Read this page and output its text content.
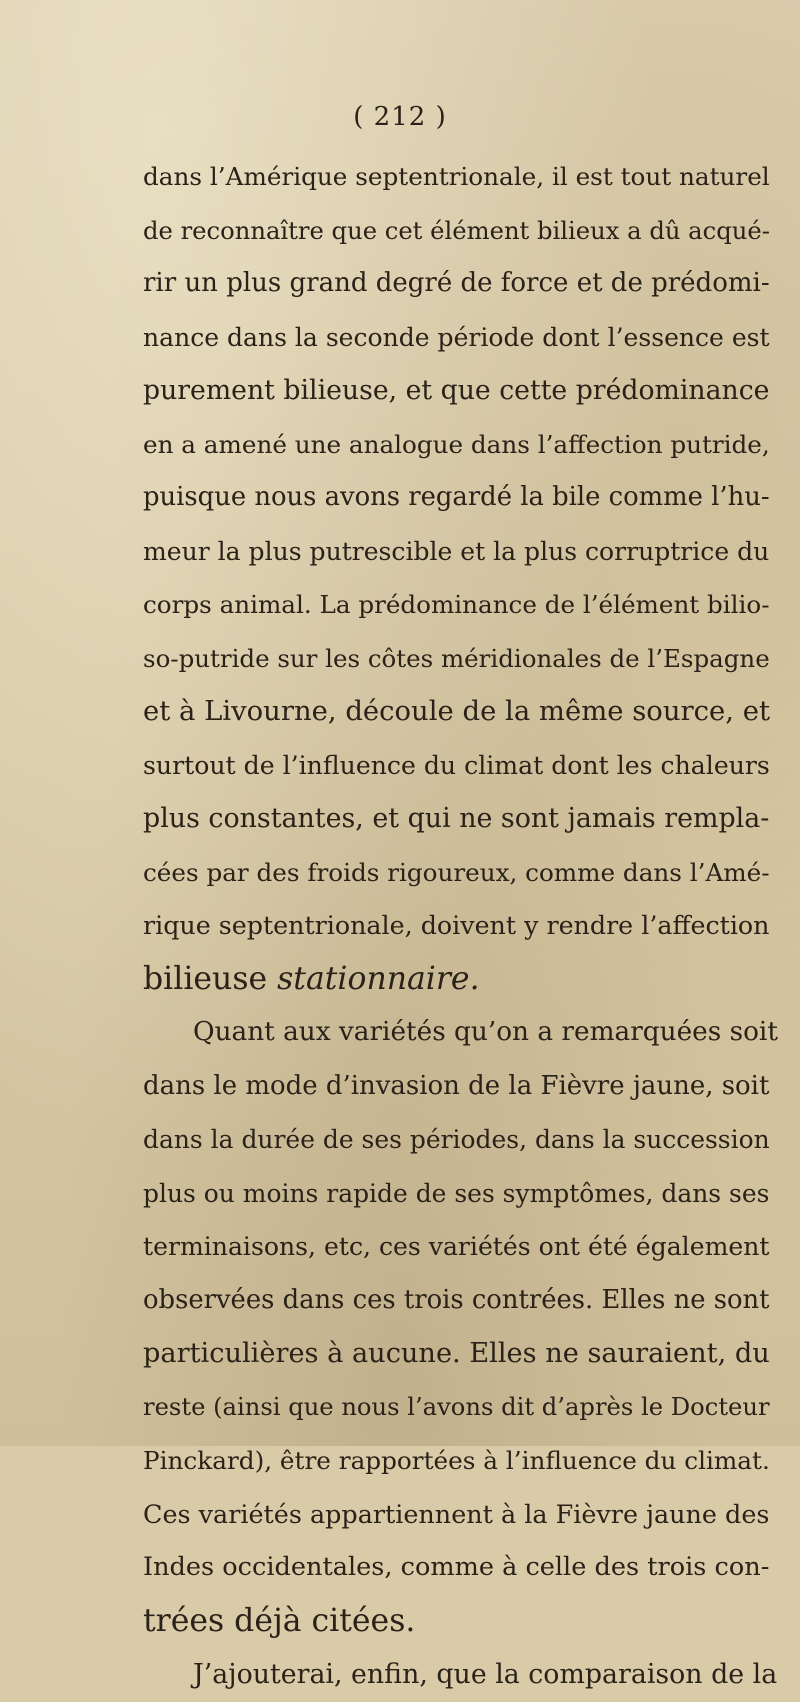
( 212 )
dans l’Amérique septentrionale, il est tout naturel
de reconnaître que cet élément bilieux a dû acqué-
rir un plus grand degré de force et de prédomi-
nance dans la seconde période dont l’essence est
purement bilieuse, et que cette prédominance
en a amené une analogue dans l’affection putride,
puisque nous avons regardé la bile comme l’hu-
meur la plus putrescible et la plus corruptrice du
corps animal. La prédominance de l’élément bilio-
so-putride sur les côtes méridionales de l’Espagne
et à Livourne, découle de la même source, et
surtout de l’influence du climat dont les chaleurs
plus constantes, et qui ne sont jamais rempla-
cées par des froids rigoureux, comme dans l’Amé-
rique septentrionale, doivent y rendre l’affection
bilieuse stationnaire.
Quant aux variétés qu’on a remarquées soit
dans le mode d’invasion de la Fièvre jaune, soit
dans la durée de ses périodes, dans la succession
plus ou moins rapide de ses symptômes, dans ses
terminaisons, etc, ces variétés ont été également
observées dans ces trois contrées. Elles ne sont
particulières à aucune. Elles ne sauraient, du
reste (ainsi que nous l’avons dit d’après le Docteur
Pinckard), être rapportées à l’influence du climat.
Ces variétés appartiennent à la Fièvre jaune des
Indes occidentales, comme à celle des trois con-
trées déjà citées.
J’ajouterai, enfin, que la comparaison de la
